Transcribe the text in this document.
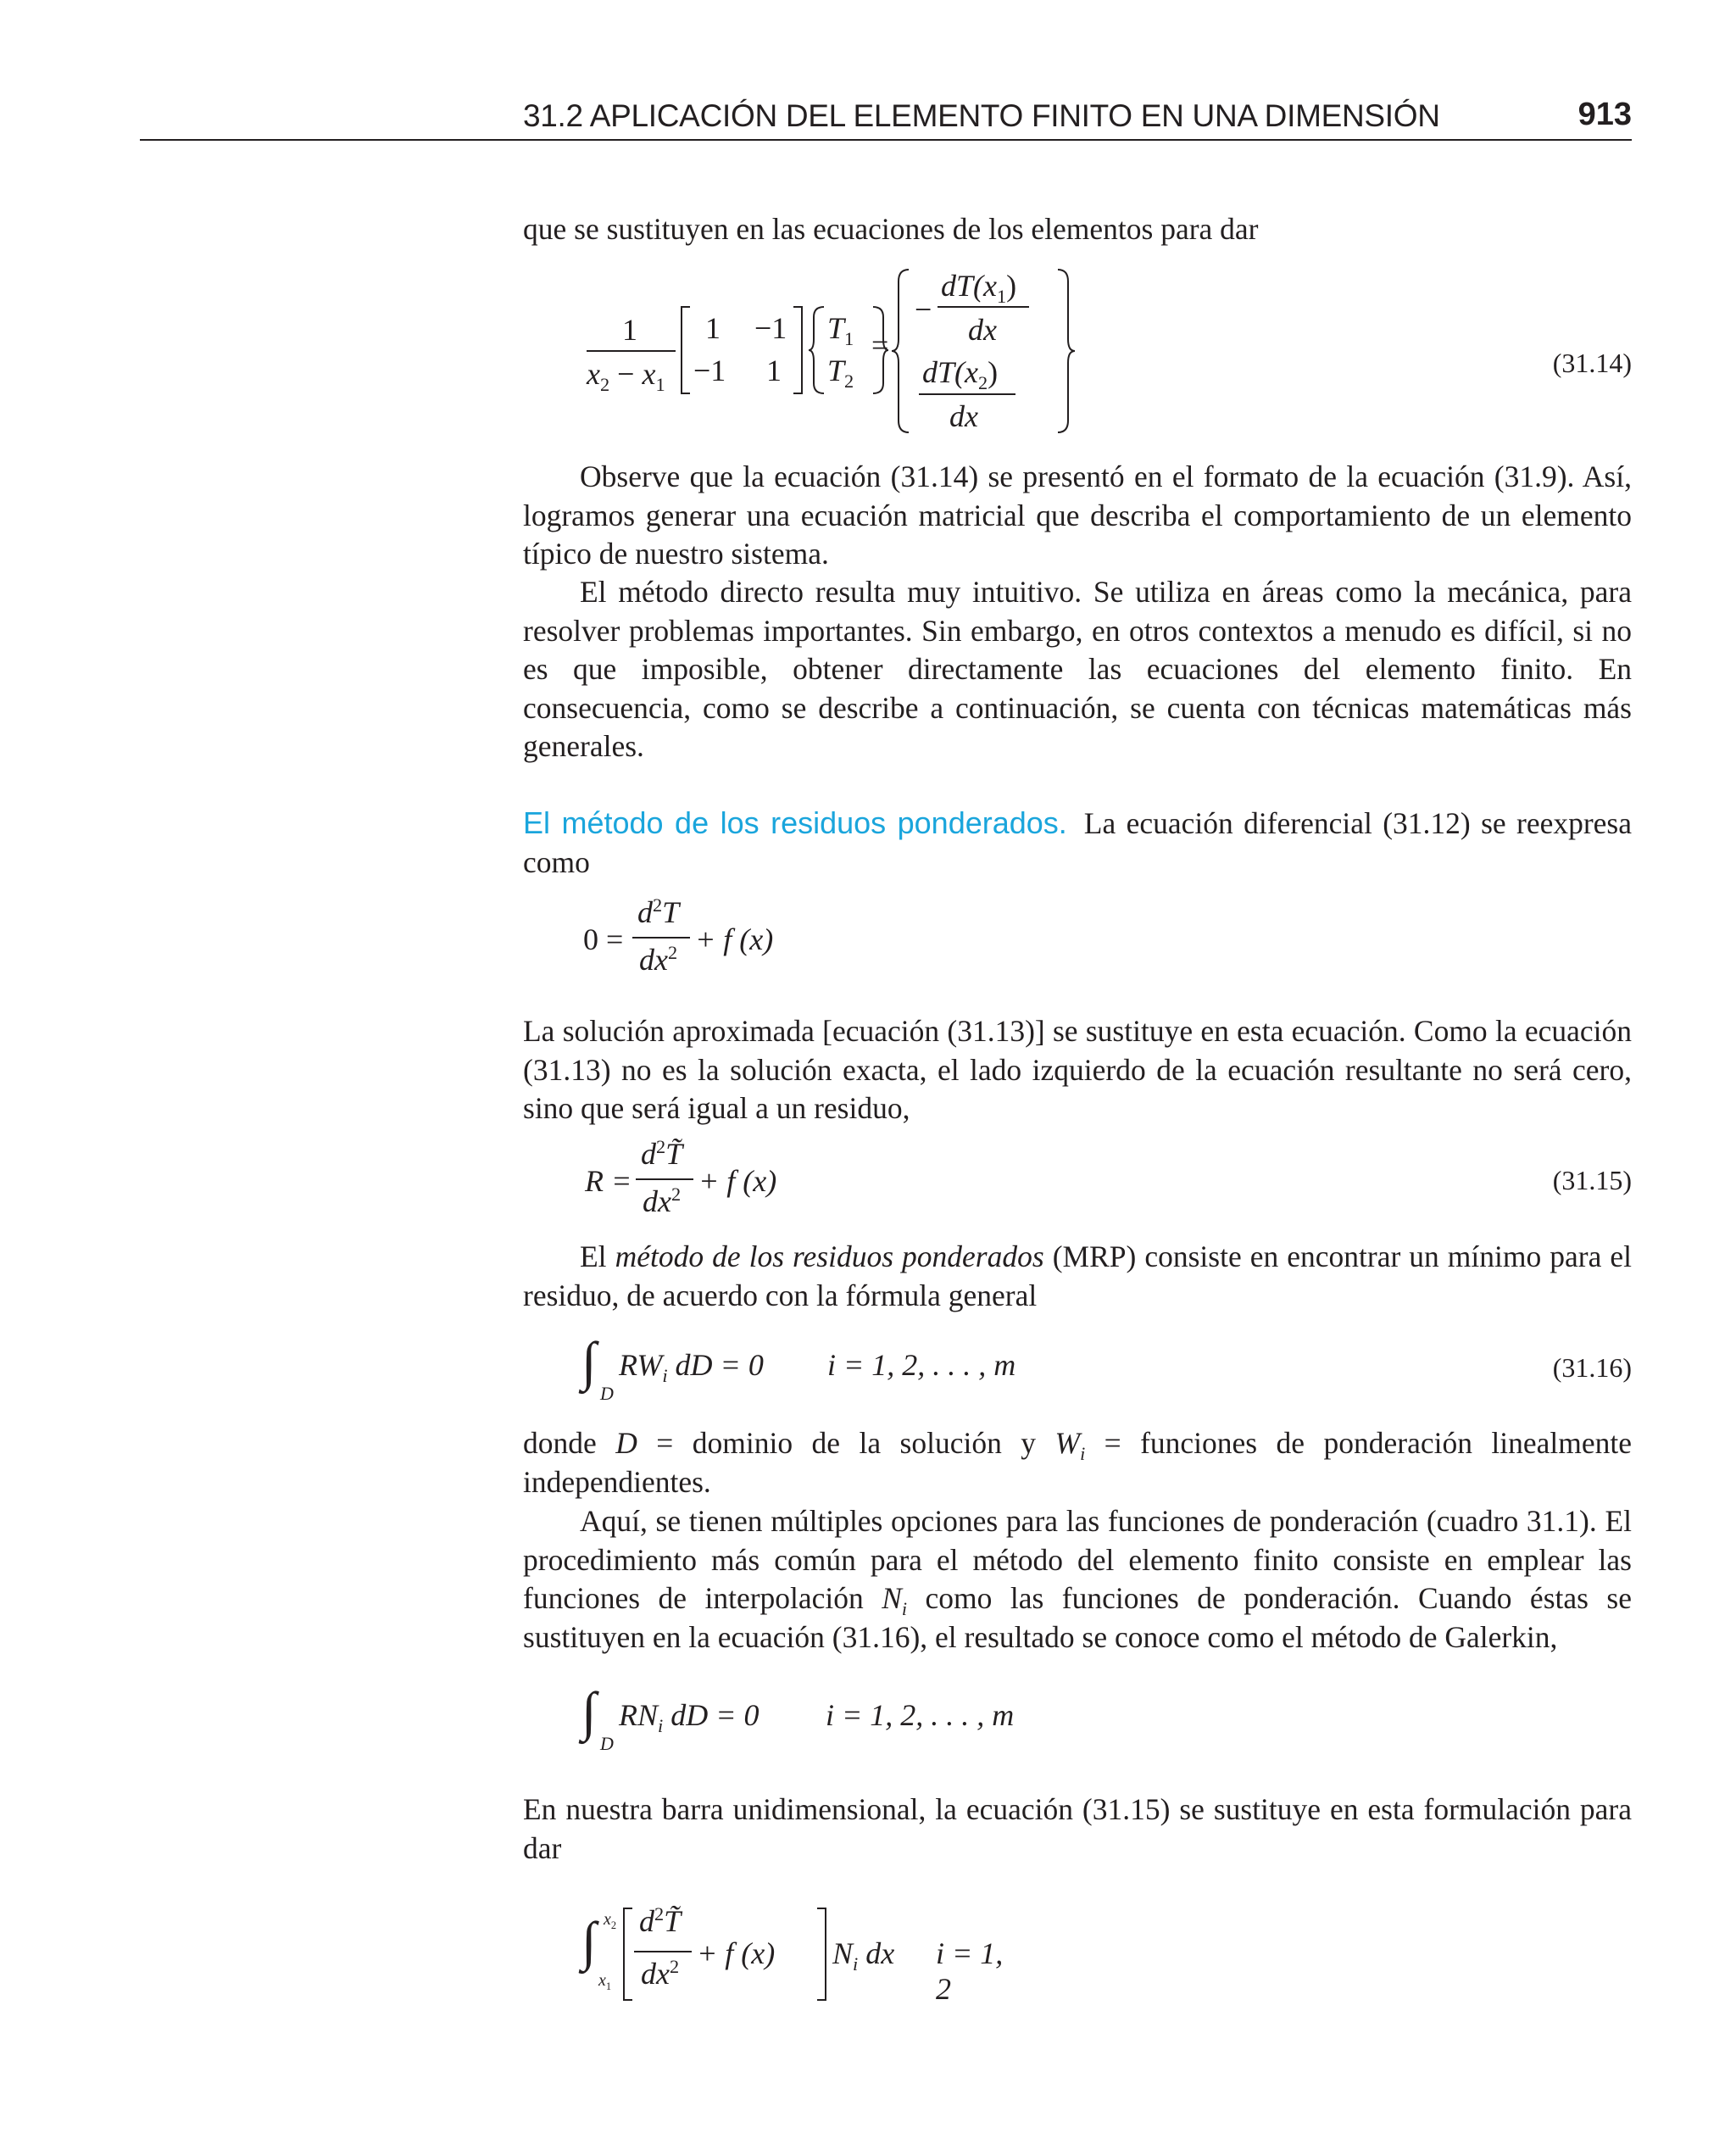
31.2 APLICACIÓN DEL ELEMENTO FINITO EN UNA DIMENSIÓN	913

que se sustituyen en las ecuaciones de los elementos para dar

1
$x_2 - x_1$
1 −1
−1 1
$T_1$
$T_2$
=
−
$dT(x_1)$
dx
$dT(x_2)$
dx
(31.14)

Observe que la ecuación (31.14) se presentó en el formato de la ecuación (31.9). Así, logramos generar una ecuación matricial que describa el comportamiento de un elemento típico de nuestro sistema.

El método directo resulta muy intuitivo. Se utiliza en áreas como la mecánica, para resolver problemas importantes. Sin embargo, en otros contextos a menudo es difícil, si no es que imposible, obtener directamente las ecuaciones del elemento finito. En consecuencia, como se describe a continuación, se cuenta con técnicas matemáticas más generales.

El método de los residuos ponderados. La ecuación diferencial (31.12) se reexpresa como

0 =
$d^2T$
$dx^2 + f$ (x)

La solución aproximada [ecuación (31.13)] se sustituye en esta ecuación. Como la ecuación (31.13) no es la solución exacta, el lado izquierdo de la ecuación resultante no será cero, sino que será igual a un residuo,

R =
$d^2T̃$
$dx^2 + f$ (x)	(31.15)

El método de los residuos ponderados (MRP) consiste en encontrar un mínimo para el residuo, de acuerdo con la fórmula general

∫
D
$RW_i$ dD = 0 i = 1, 2, . . . , m	(31.16)

donde D = dominio de la solución y $W_i$ = funciones de ponderación linealmente independientes.

Aquí, se tienen múltiples opciones para las funciones de ponderación (cuadro 31.1). El procedimiento más común para el método del elemento finito consiste en emplear las funciones de interpolación $N_i$ como las funciones de ponderación. Cuando éstas se sustituyen en la ecuación (31.16), el resultado se conoce como el método de Galerkin,

∫
D
$RN_i$ dD = 0 i = 1, 2, . . . , m

En nuestra barra unidimensional, la ecuación (31.15) se sustituye en esta formulación para dar

∫ $x_2$
$x_1$
$d^2T̃$
$dx^2 + f$ (x) $N_i$ dx i = 1, 2
